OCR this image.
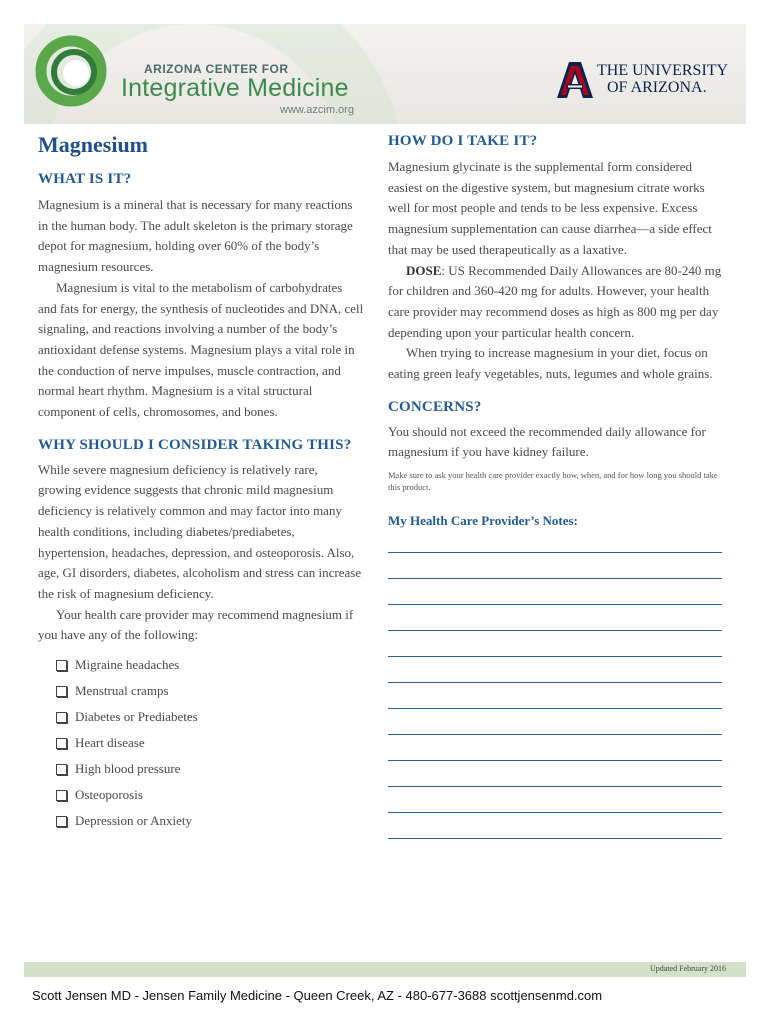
ARIZONA CENTER FOR
Integrative Medicine
www.azcim.org
THE UNIVERSITY
OF ARIZONA.
Magnesium
WHAT IS IT?

Magnesium is a mineral that is necessary for many reactions in the human body. The adult skeleton is the primary storage depot for magnesium, holding over 60% of the body’s magnesium resources.

Magnesium is vital to the metabolism of carbohydrates and fats for energy, the synthesis of nucleotides and DNA, cell signaling, and reactions involving a number of the body’s antioxidant defense systems. Magnesium plays a vital role in the conduction of nerve impulses, muscle contraction, and normal heart rhythm. Magnesium is a vital structural component of cells, chromosomes, and bones.

WHY SHOULD I CONSIDER TAKING THIS?

While severe magnesium deficiency is relatively rare, growing evidence suggests that chronic mild magnesium deficiency is relatively common and may factor into many health conditions, including diabetes/prediabetes, hypertension, headaches, depression, and osteoporosis. Also, age, GI disorders, diabetes, alcoholism and stress can increase the risk of magnesium deficiency.

Your health care provider may recommend magnesium if you have any of the following:

Migraine headaches
Menstrual cramps
Diabetes or Prediabetes
Heart disease
High blood pressure
Osteoporosis
Depression or Anxiety
HOW DO I TAKE IT?

Magnesium glycinate is the supplemental form considered easiest on the digestive system, but magnesium citrate works well for most people and tends to be less expensive. Excess magnesium supplementation can cause diarrhea—a side effect that may be used therapeutically as a laxative.

DOSE: US Recommended Daily Allowances are 80-240 mg for children and 360-420 mg for adults. However, your health care provider may recommend doses as high as 800 mg per day depending upon your particular health concern.

When trying to increase magnesium in your diet, focus on eating green leafy vegetables, nuts, legumes and whole grains.

CONCERNS?

You should not exceed the recommended daily allowance for magnesium if you have kidney failure.

Make sure to ask your health care provider exactly how, when, and for how long you should take this product.

My Health Care Provider’s Notes:
Updated February 2016
Scott Jensen MD - Jensen Family Medicine - Queen Creek, AZ - 480-677-3688 scottjensenmd.com
